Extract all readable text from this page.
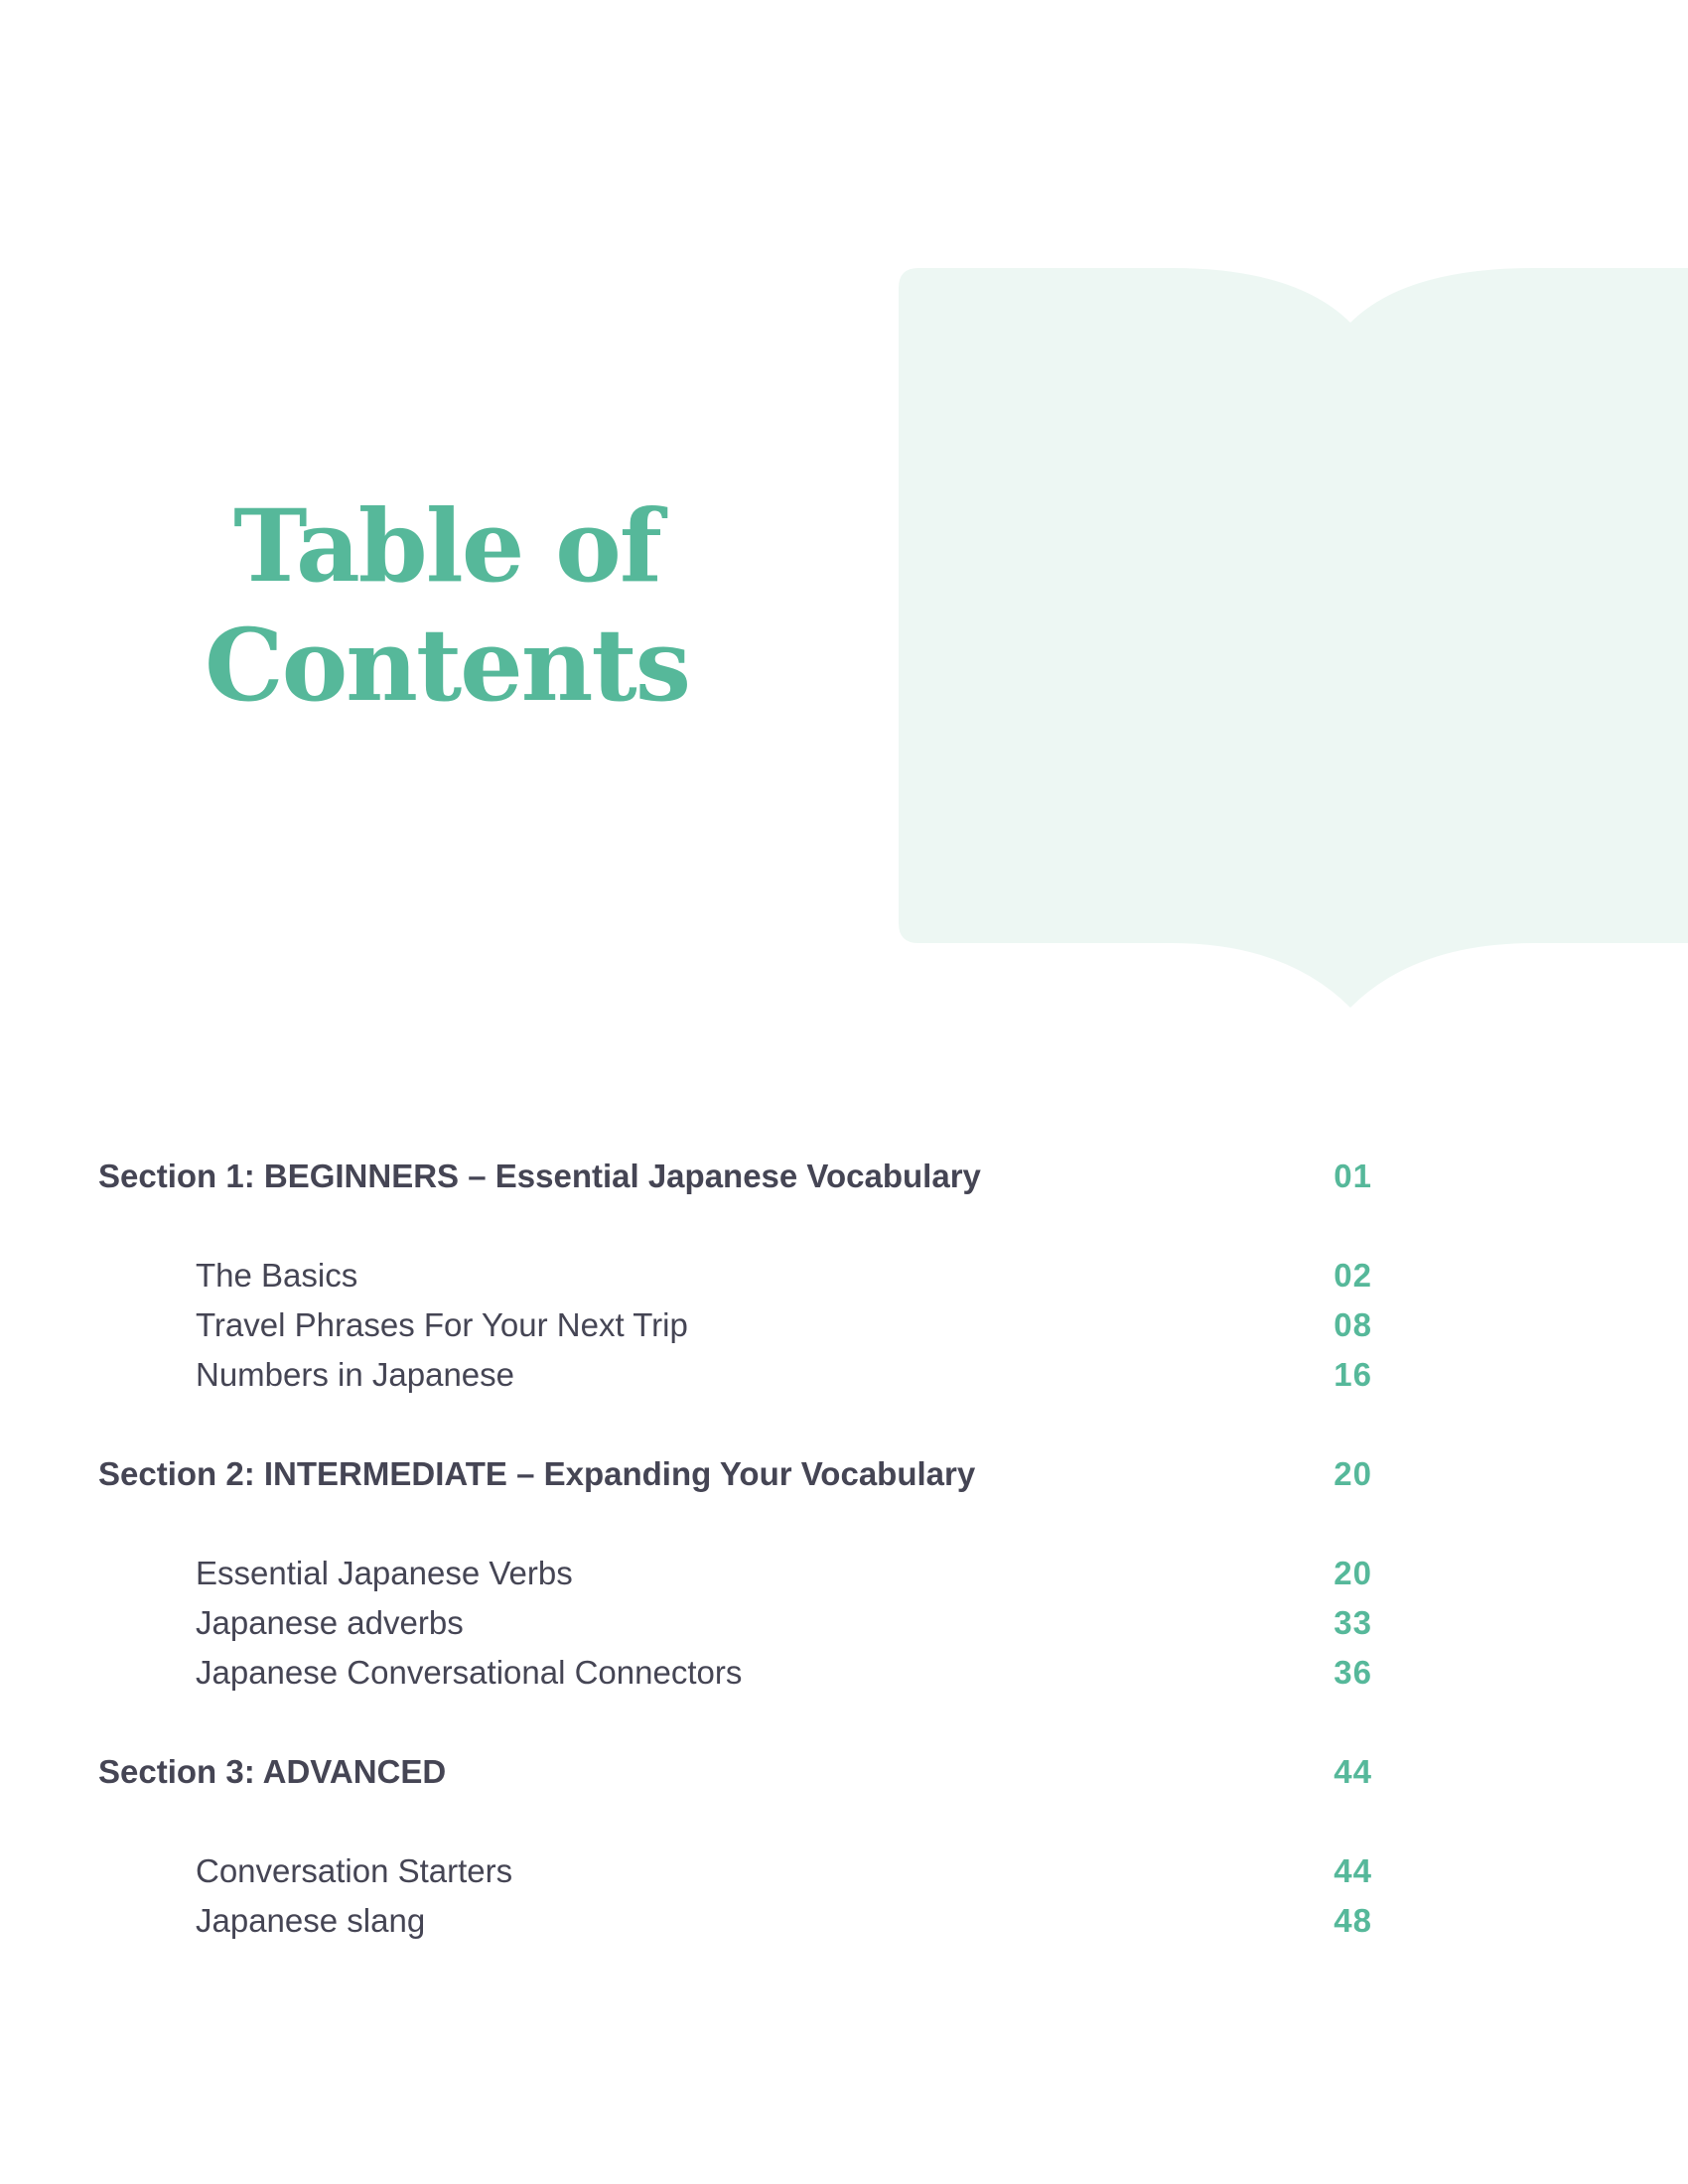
Table of
Contents
Section 1: BEGINNERS – Essential Japanese Vocabulary	01
The Basics	02
Travel Phrases For Your Next Trip	08
Numbers in Japanese	16
Section 2: INTERMEDIATE – Expanding Your Vocabulary	20
Essential Japanese Verbs	20
Japanese adverbs	33
Japanese Conversational Connectors	36
Section 3: ADVANCED	44
Conversation Starters	44
Japanese slang	48
